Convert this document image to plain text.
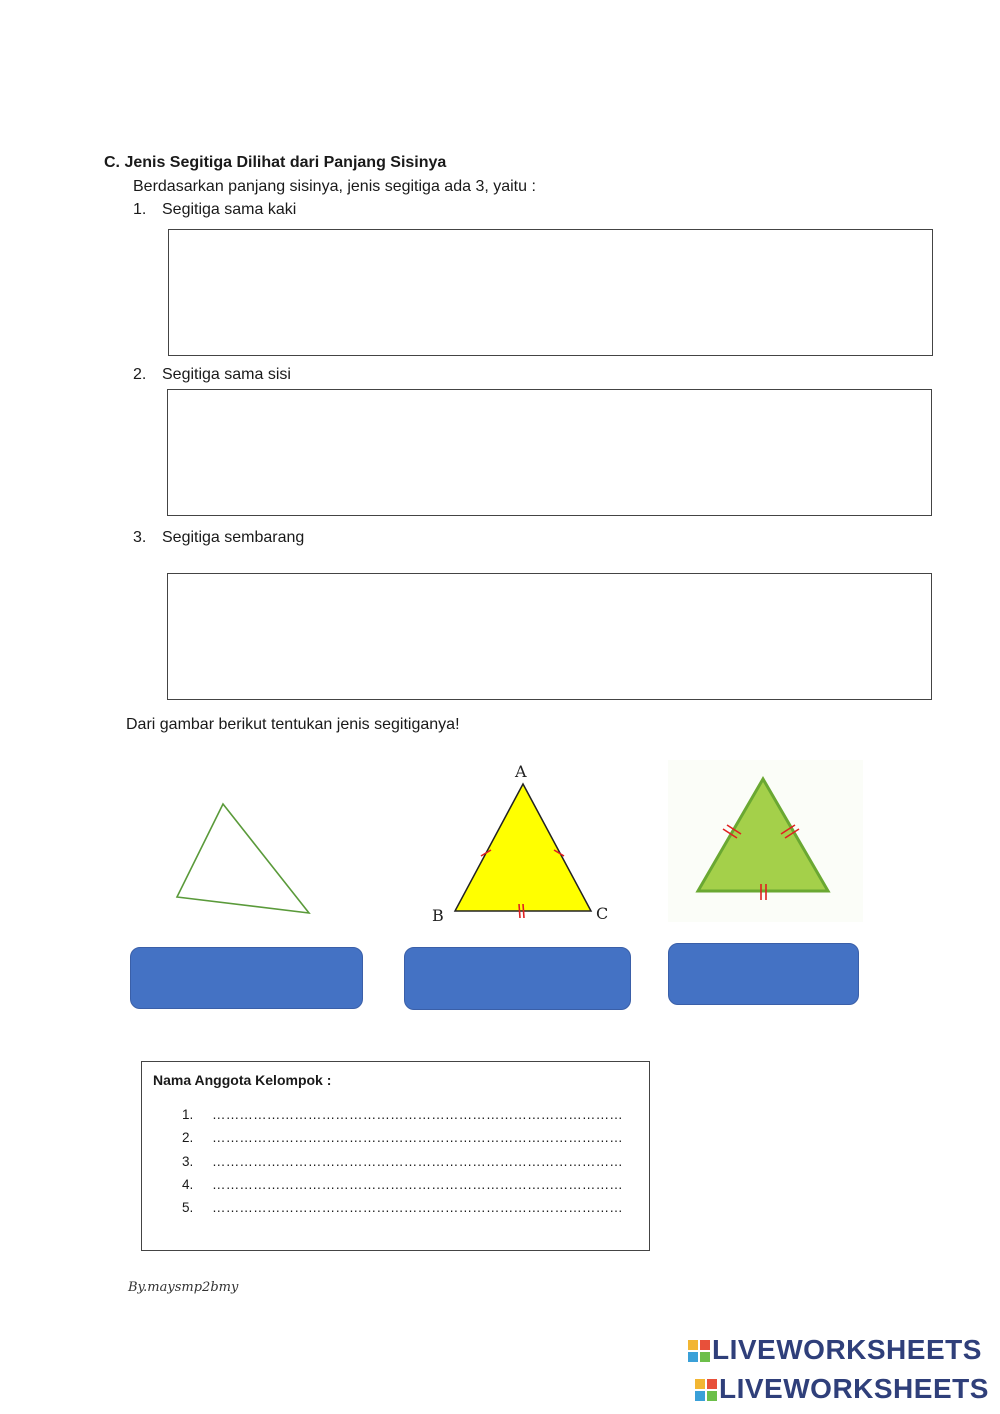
C. Jenis Segitiga Dilihat dari Panjang Sisinya
Berdasarkan panjang sisinya, jenis segitiga ada 3, yaitu :
1. Segitiga sama kaki
2. Segitiga sama sisi
3. Segitiga sembarang
Dari gambar berikut tentukan jenis segitiganya!
A
B	C
Nama Anggota Kelompok :
1. ………………………………………………………………………………
2. ………………………………………………………………………………
3. ………………………………………………………………………………
4. ………………………………………………………………………………
5. ………………………………………………………………………………
By.maysmp2bmy
LIVEWORKSHEETS
LIVEWORKSHEETS
